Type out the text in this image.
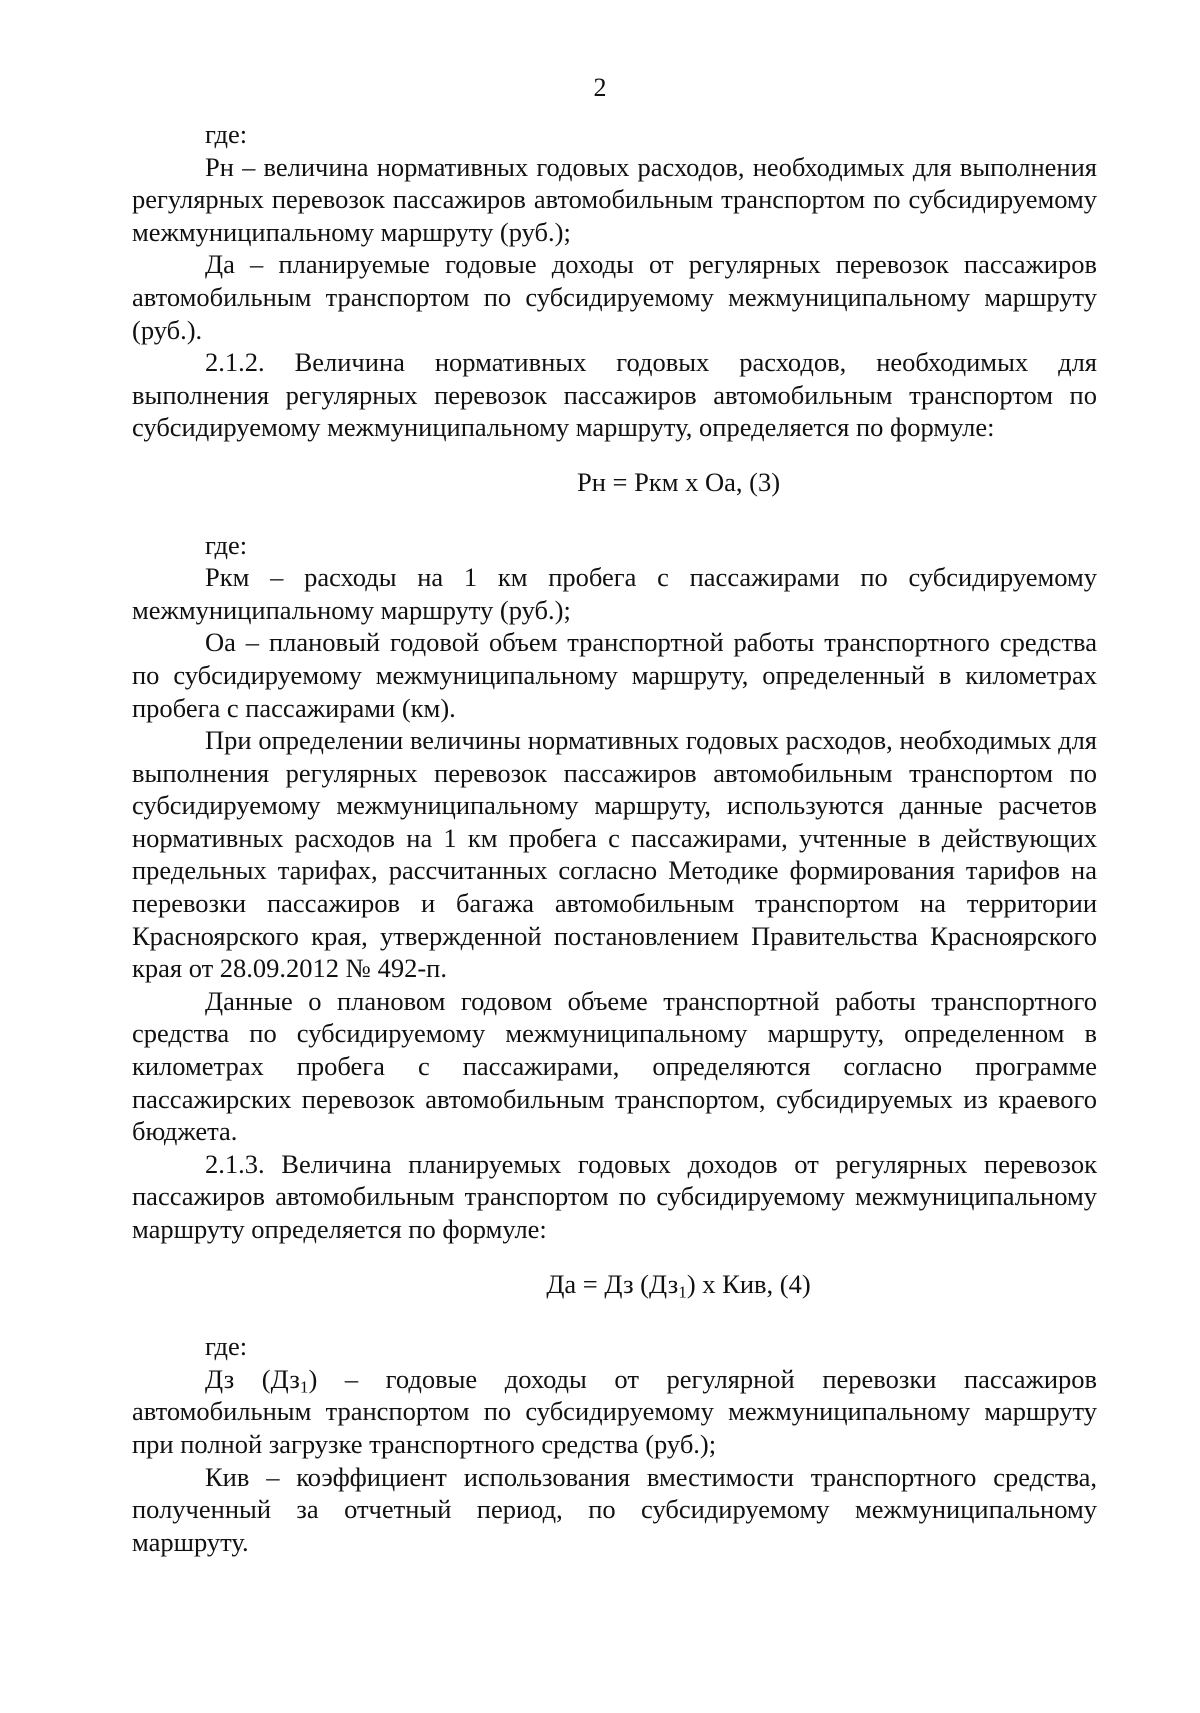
2

где:

Рн – величина нормативных годовых расходов, необходимых для выполнения регулярных перевозок пассажиров автомобильным транспортом по субсидируемому межмуниципальному маршруту (руб.);

Да – планируемые годовые доходы от регулярных перевозок пассажиров автомобильным транспортом по субсидируемому межмуниципальному маршруту (руб.).

2.1.2. Величина нормативных годовых расходов, необходимых для выполнения регулярных перевозок пассажиров автомобильным транспортом по субсидируемому межмуниципальному маршруту, определяется по формуле:

Рн = Ркм х Оа, (3)

где:

Ркм – расходы на 1 км пробега с пассажирами по субсидируемому межмуниципальному маршруту (руб.);

Оа – плановый годовой объем транспортной работы транспортного средства по субсидируемому межмуниципальному маршруту, определенный в километрах пробега с пассажирами (км).

При определении величины нормативных годовых расходов, необходимых для выполнения регулярных перевозок пассажиров автомобильным транспортом по субсидируемому межмуниципальному маршруту, используются данные расчетов нормативных расходов на 1 км пробега с пассажирами, учтенные в действующих предельных тарифах, рассчитанных согласно Методике формирования тарифов на перевозки пассажиров и багажа автомобильным транспортом на территории Красноярского края, утвержденной постановлением Правительства Красноярского края от 28.09.2012 № 492-п.

Данные о плановом годовом объеме транспортной работы транспортного средства по субсидируемому межмуниципальному маршруту, определенном в километрах пробега с пассажирами, определяются согласно программе пассажирских перевозок автомобильным транспортом, субсидируемых из краевого бюджета.

2.1.3. Величина планируемых годовых доходов от регулярных перевозок пассажиров автомобильным транспортом по субсидируемому межмуниципальному маршруту определяется по формуле:

Да = Дз $(Дз_1)$ х Кив, (4)

где:

Дз $(Дз_1)$ – годовые доходы от регулярной перевозки пассажиров автомобильным транспортом по субсидируемому межмуниципальному маршруту при полной загрузке транспортного средства (руб.);

Кив – коэффициент использования вместимости транспортного средства, полученный за отчетный период, по субсидируемому межмуниципальному маршруту.
